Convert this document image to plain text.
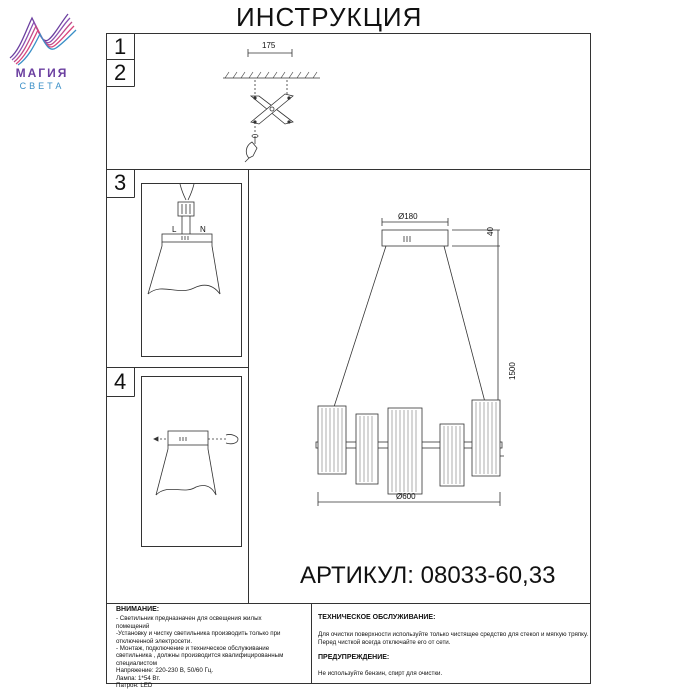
МАГИЯ
СВЕТА
ИНСТРУКЦИЯ
1
2
3
4
175
L	N
Ø180
40
1500
Ø600
АРТИКУЛ: 08033-60,33
ВНИМАНИЕ:
- Светильник предназначен для освещения жилых
помещений
-Установку и чистку светильника производить только при
отключенной электросети.
- Монтаж, подключение и техническое обслуживание
светильника , должны производится квалифицированным
специалистом
Напряжение: 220-230 В, 50/60 Гц.
Лампа: 1*54 Вт.
Патрон: LED
ТЕХНИЧЕСКОЕ ОБСЛУЖИВАНИЕ:
Для очистки поверхности используйте только чистящее средство для стекол и мягкую тряпку.
Перед чисткой всегда отключайте его от сети.
ПРЕДУПРЕЖДЕНИЕ:
Не используйте бензин, спирт для очистки.
